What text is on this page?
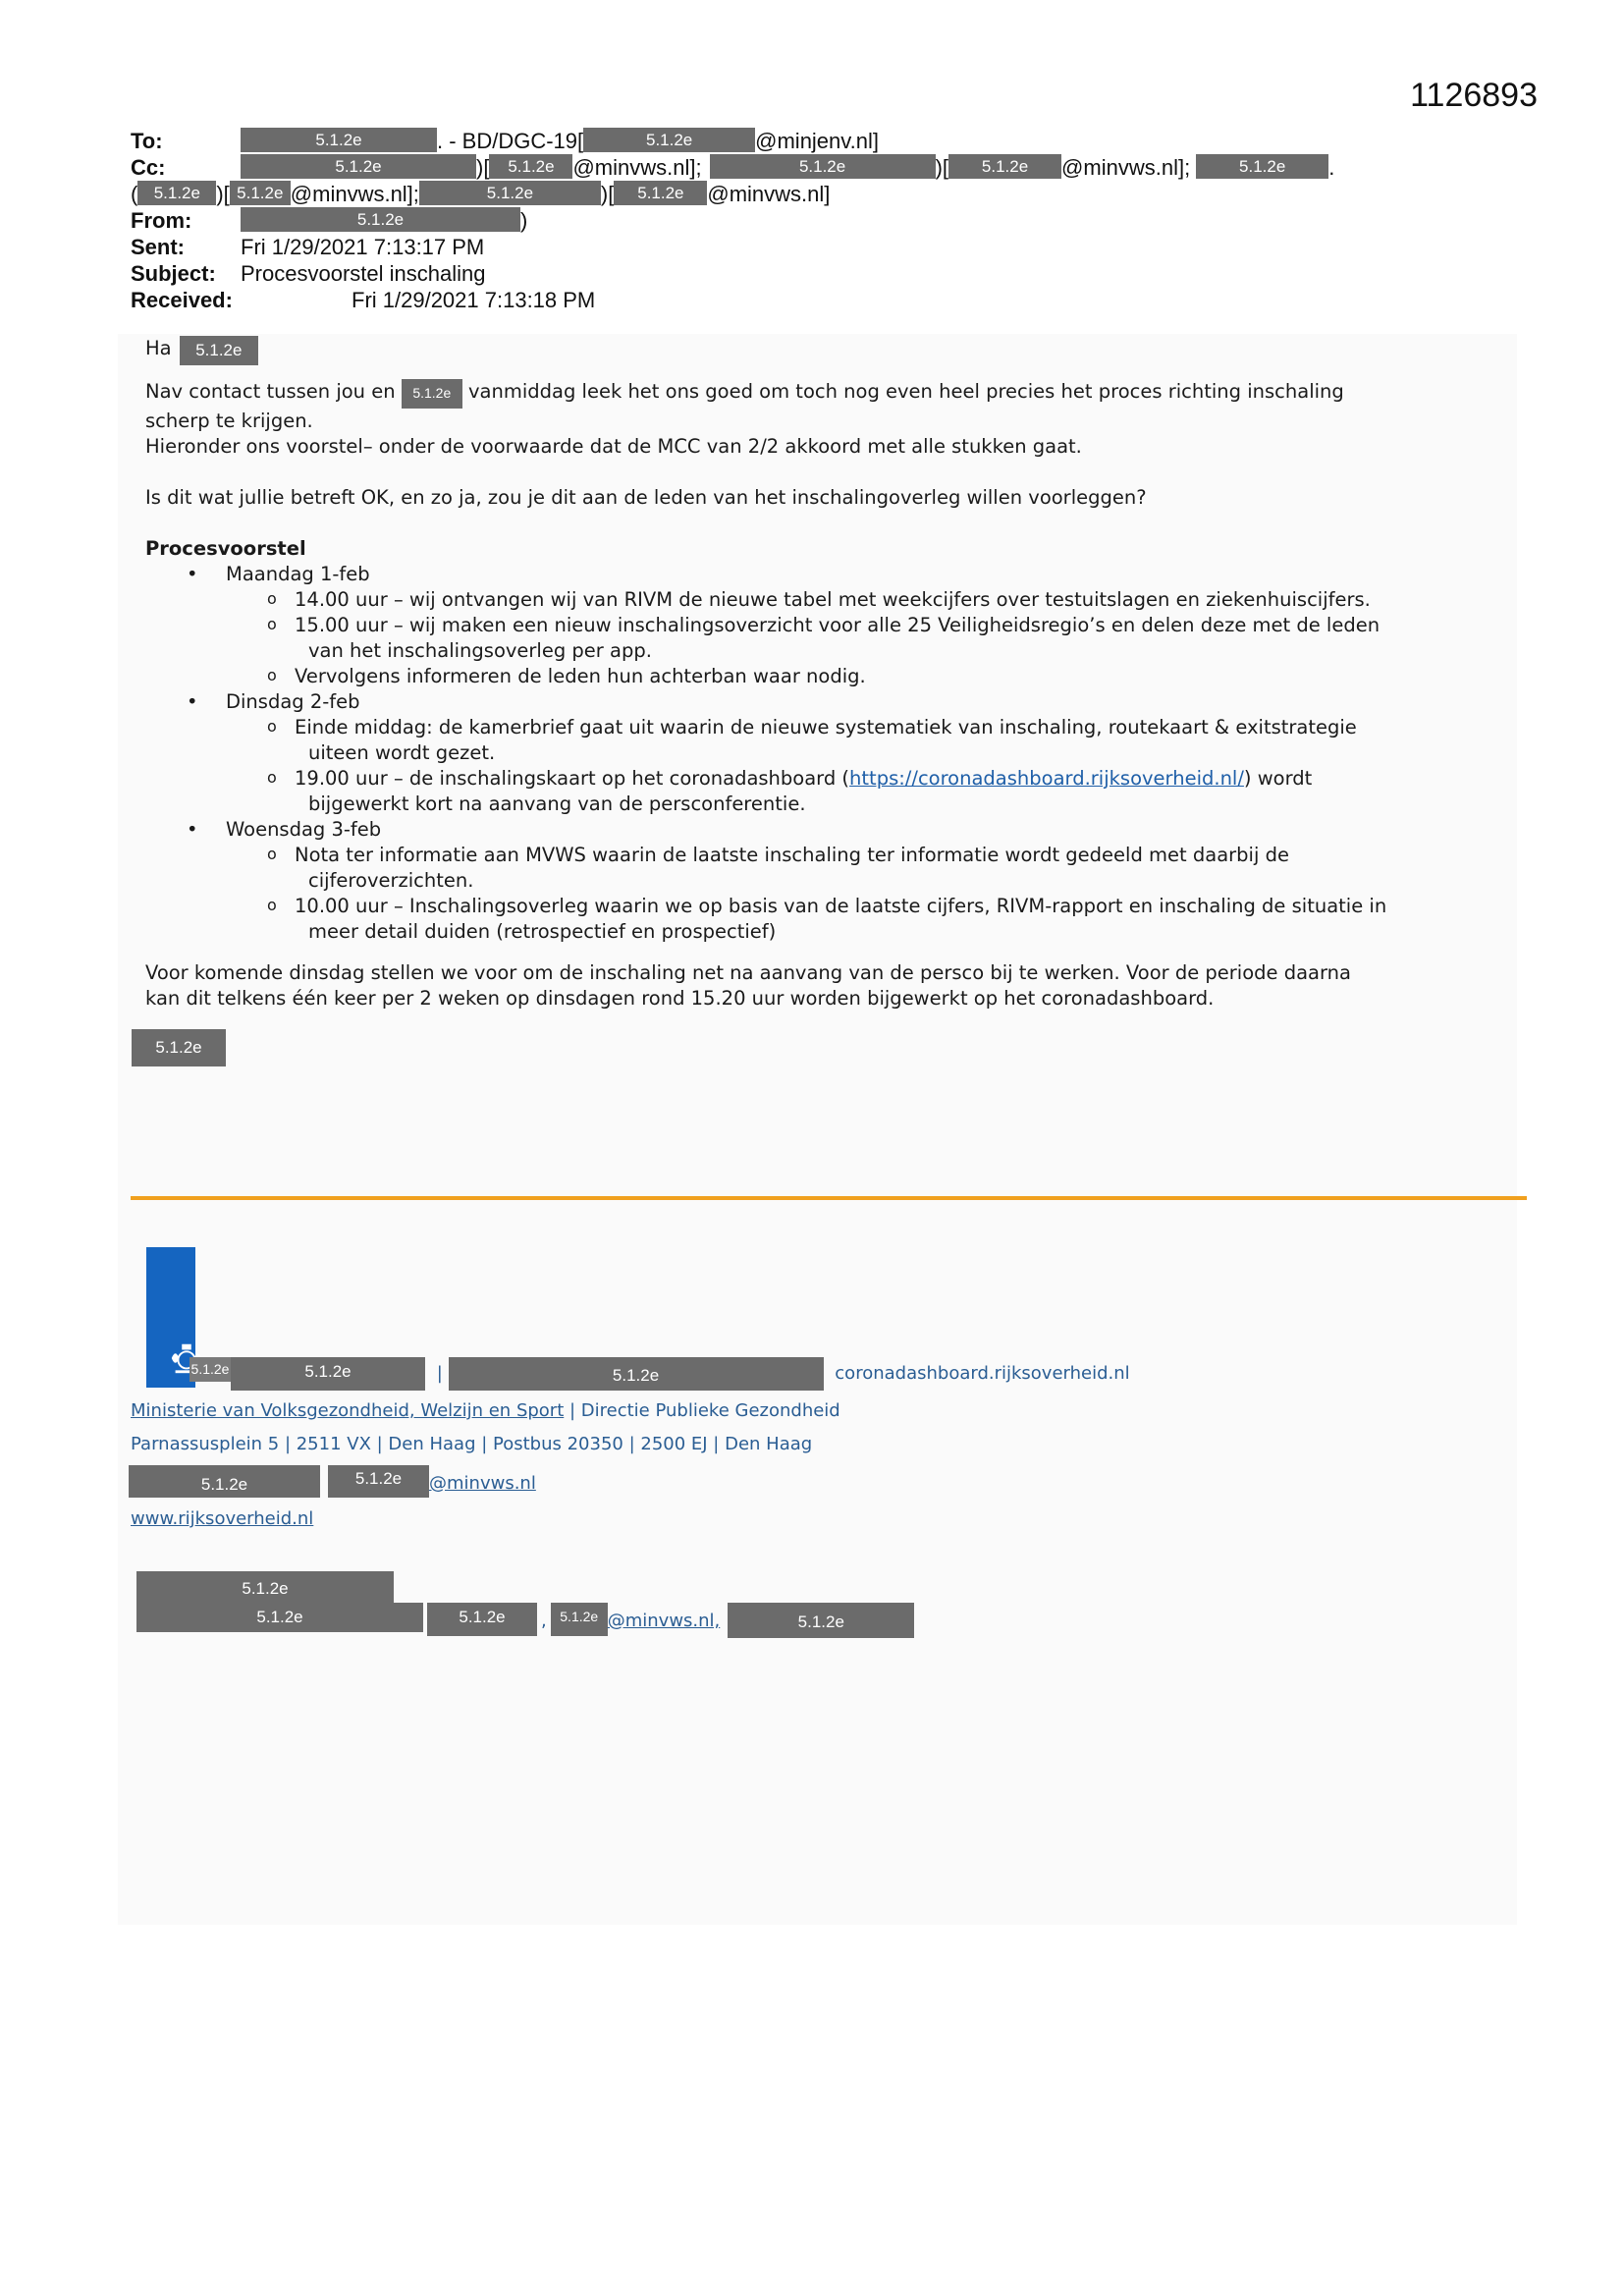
1126893
To:	5.1.2e	. - BD/DGC-19[	5.1.2e	@minjenv.nl]
Cc:	5.1.2e	)[ 5.1.2e @minvws.nl];	5.1.2e	)[ 5.1.2e @minvws.nl];	5.1.2e .
( 5.1.2e )[ 5.1.2e @minvws.nl];	5.1.2e	)[ 5.1.2e @minvws.nl]
From:	5.1.2e	)
Sent:	Fri 1/29/2021 7:13:17 PM
Subject: Procesvoorstel inschaling
Received:	Fri 1/29/2021 7:13:18 PM

Ha 5.1.2e

Nav contact tussen jou en 5.1.2e vanmiddag leek het ons goed om toch nog even heel precies het proces richting inschaling
scherp te krijgen.
Hieronder ons voorstel– onder de voorwaarde dat de MCC van 2/2 akkoord met alle stukken gaat.

Is dit wat jullie betreft OK, en zo ja, zou je dit aan de leden van het inschalingoverleg willen voorleggen?

Procesvoorstel

• Maandag 1-feb
o 14.00 uur – wij ontvangen wij van RIVM de nieuwe tabel met weekcijfers over testuitslagen en ziekenhuiscijfers.
o 15.00 uur – wij maken een nieuw inschalingsoverzicht voor alle 25 Veiligheidsregio’s en delen deze met de leden
van het inschalingsoverleg per app.
o Vervolgens informeren de leden hun achterban waar nodig.
• Dinsdag 2-feb
o Einde middag: de kamerbrief gaat uit waarin de nieuwe systematiek van inschaling, routekaart & exitstrategie
uiteen wordt gezet.
o 19.00 uur – de inschalingskaart op het coronadashboard (https://coronadashboard.rijksoverheid.nl/) wordt
bijgewerkt kort na aanvang van de persconferentie.
• Woensdag 3-feb
o Nota ter informatie aan MVWS waarin de laatste inschaling ter informatie wordt gedeeld met daarbij de
cijferoverzichten.
o 10.00 uur – Inschalingsoverleg waarin we op basis van de laatste cijfers, RIVM-rapport en inschaling de situatie in
meer detail duiden (retrospectief en prospectief)

Voor komende dinsdag stellen we voor om de inschaling net na aanvang van de persco bij te werken. Voor de periode daarna
kan dit telkens één keer per 2 weken op dinsdagen rond 15.20 uur worden bijgewerkt op het coronadashboard.

5.1.2e

5.1.2e	5.1.2e	|	5.1.2e	coronadashboard.rijksoverheid.nl
Ministerie van Volksgezondheid, Welzijn en Sport | Directie Publieke Gezondheid
Parnassusplein 5 | 2511 VX | Den Haag | Postbus 20350 | 2500 EJ | Den Haag
5.1.2e	5.1.2e @minvws.nl
www.rijksoverheid.nl
5.1.2e
5.1.2e	5.1.2e , 5.1.2e @minvws.nl,	5.1.2e
